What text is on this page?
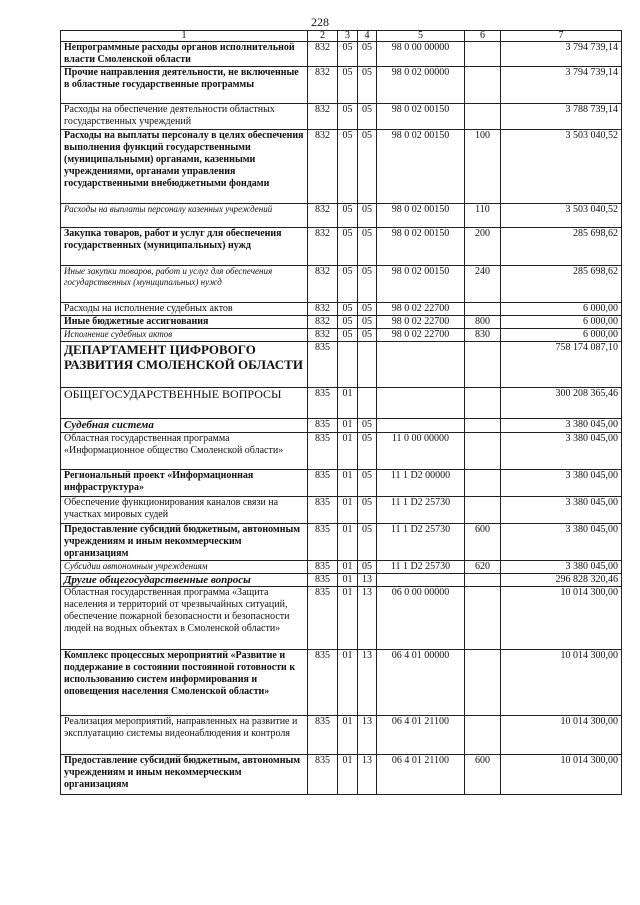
228
1	2	3	4	5	6	7
Непрограммные расходы органов исполнительной власти Смоленской области	832	05	05	98 0 00 00000		3 794 739,14
Прочие направления деятельности, не включенные в областные государственные программы	832	05	05	98 0 02 00000		3 794 739,14
Расходы на обеспечение деятельности областных государственных учреждений	832	05	05	98 0 02 00150		3 788 739,14
Расходы на выплаты персоналу в целях обеспечения выполнения функций государственными (муниципальными) органами, казенными учреждениями, органами управления государственными внебюджетными фондами	832	05	05	98 0 02 00150	100	3 503 040,52
Расходы на выплаты персоналу казенных учреждений	832	05	05	98 0 02 00150	110	3 503 040,52
Закупка товаров, работ и услуг для обеспечения государственных (муниципальных) нужд	832	05	05	98 0 02 00150	200	285 698,62
Иные закупки товаров, работ и услуг для обеспечения государственных (муниципальных) нужд	832	05	05	98 0 02 00150	240	285 698,62
Расходы на исполнение судебных актов	832	05	05	98 0 02 22700		6 000,00
Иные бюджетные ассигнования	832	05	05	98 0 02 22700	800	6 000,00
Исполнение судебных актов	832	05	05	98 0 02 22700	830	6 000,00
ДЕПАРТАМЕНТ ЦИФРОВОГО РАЗВИТИЯ СМОЛЕНСКОЙ ОБЛАСТИ	835					758 174 087,10
ОБЩЕГОСУДАРСТВЕННЫЕ ВОПРОСЫ	835	01				300 208 365,46
Судебная система	835	01	05			3 380 045,00
Областная государственная программа «Информационное общество Смоленской области»	835	01	05	11 0 00 00000		3 380 045,00
Региональный проект «Информационная инфраструктура»	835	01	05	11 1 D2 00000		3 380 045,00
Обеспечение функционирования каналов связи на участках мировых судей	835	01	05	11 1 D2 25730		3 380 045,00
Предоставление субсидий бюджетным, автономным учреждениям и иным некоммерческим организациям	835	01	05	11 1 D2 25730	600	3 380 045,00
Субсидии автономным учреждениям	835	01	05	11 1 D2 25730	620	3 380 045,00
Другие общегосударственные вопросы	835	01	13			296 828 320,46
Областная государственная программа «Защита населения и территорий от чрезвычайных ситуаций, обеспечение пожарной безопасности и безопасности людей на водных объектах в Смоленской области»	835	01	13	06 0 00 00000		10 014 300,00
Комплекс процессных мероприятий «Развитие и поддержание в состоянии постоянной готовности к использованию систем информирования и оповещения населения Смоленской области»	835	01	13	06 4 01 00000		10 014 300,00
Реализация мероприятий, направленных на развитие и эксплуатацию системы видеонаблюдения и контроля	835	01	13	06 4 01 21100		10 014 300,00
Предоставление субсидий бюджетным, автономным учреждениям и иным некоммерческим организациям	835	01	13	06 4 01 21100	600	10 014 300,00
